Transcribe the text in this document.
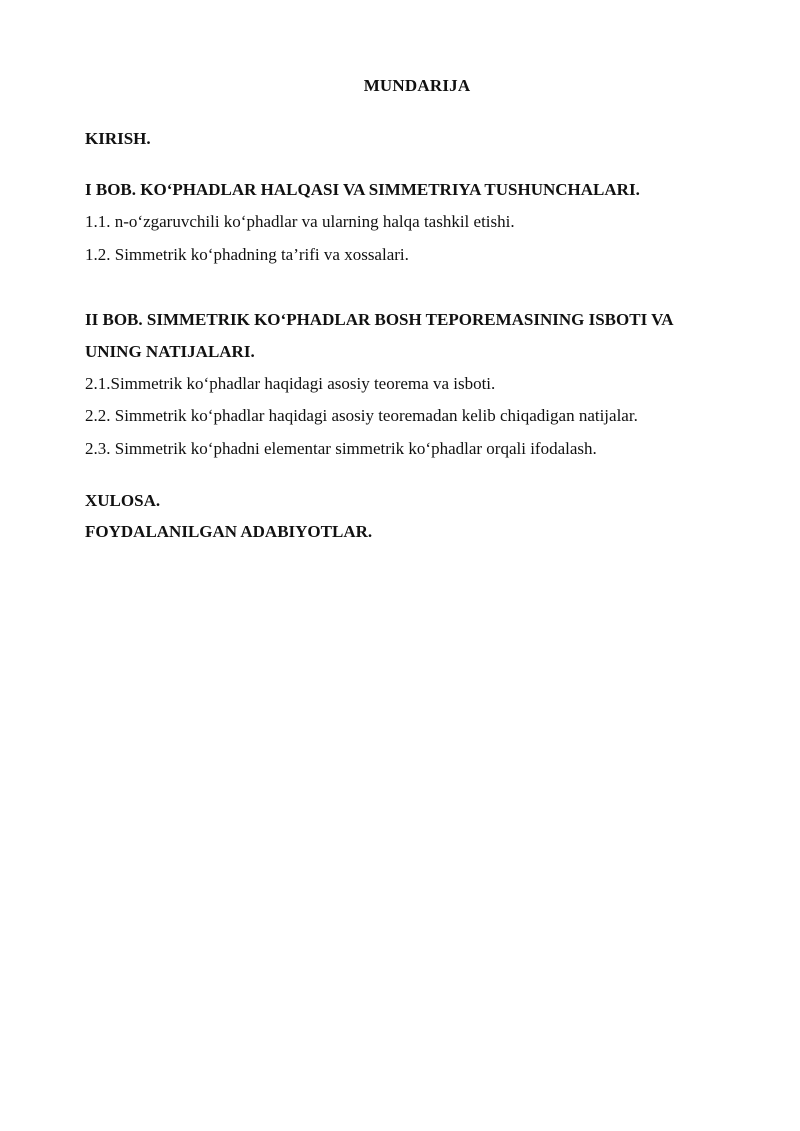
MUNDARIJA
KIRISH.
I BOB. KO‘PHADLAR HALQASI VA SIMMETRIYA TUSHUNCHALARI.
1.1. n-o‘zgaruvchili ko‘phadlar va ularning halqa tashkil etishi.
1.2. Simmetrik ko‘phadning ta’rifi va xossalari.
II BOB. SIMMETRIK KO‘PHADLAR BOSH TEPOREMASINING ISBOTI VA
UNING NATIJALARI.
2.1.Simmetrik ko‘phadlar haqidagi asosiy teorema va isboti.
2.2. Simmetrik ko‘phadlar haqidagi asosiy teoremadan kelib chiqadigan natijalar.
2.3. Simmetrik ko‘phadni elementar simmetrik ko‘phadlar orqali ifodalash.
XULOSA.
FOYDALANILGAN ADABIYOTLAR.
